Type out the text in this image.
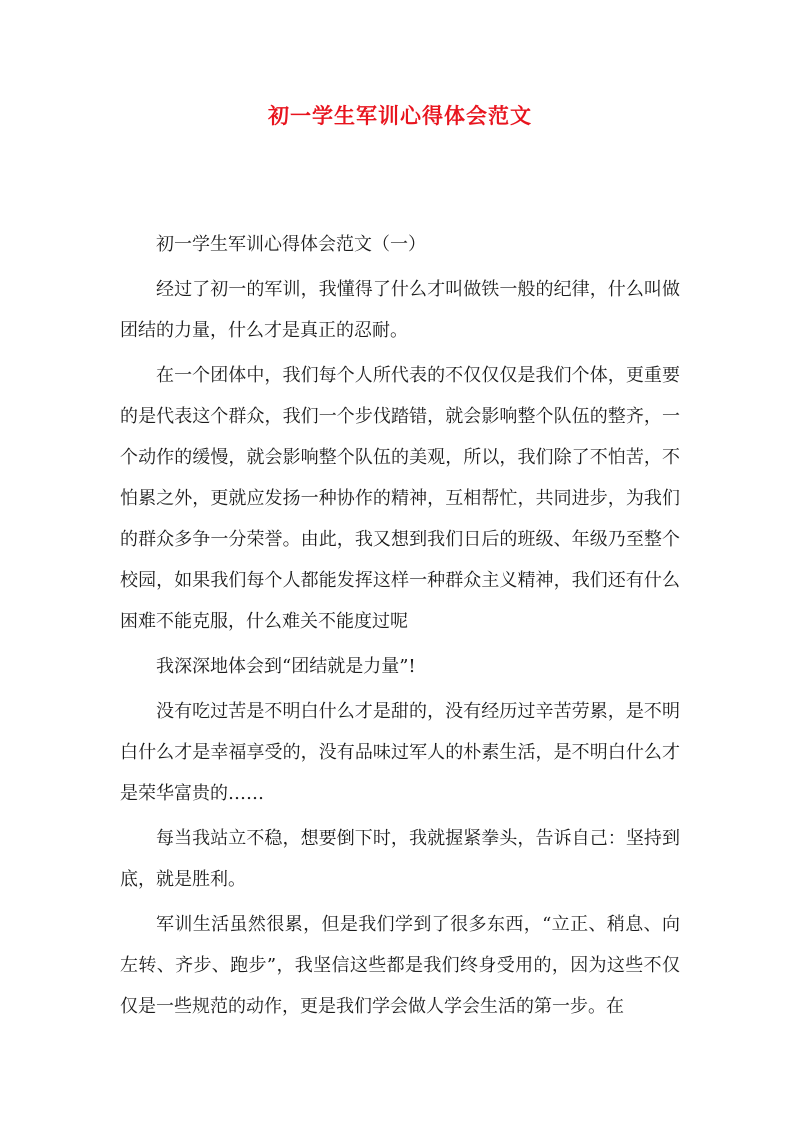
初一学生军训心得体会范文

初一学生军训心得体会范文（一）

经过了初一的军训，我懂得了什么才叫做铁一般的纪律，什么叫做团结的力量，什么才是真正的忍耐。

在一个团体中，我们每个人所代表的不仅仅仅是我们个体，更重要的是代表这个群众，我们一个步伐踏错，就会影响整个队伍的整齐，一个动作的缓慢，就会影响整个队伍的美观，所以，我们除了不怕苦，不怕累之外，更就应发扬一种协作的精神，互相帮忙，共同进步，为我们的群众多争一分荣誉。由此，我又想到我们日后的班级、年级乃至整个校园，如果我们每个人都能发挥这样一种群众主义精神，我们还有什么困难不能克服，什么难关不能度过呢

我深深地体会到“团结就是力量”!

没有吃过苦是不明白什么才是甜的，没有经历过辛苦劳累，是不明白什么才是幸福享受的，没有品味过军人的朴素生活，是不明白什么才是荣华富贵的……

每当我站立不稳，想要倒下时，我就握紧拳头，告诉自己：坚持到底，就是胜利。

军训生活虽然很累，但是我们学到了很多东西，“立正、稍息、向左转、齐步、跑步”，我坚信这些都是我们终身受用的，因为这些不仅仅是一些规范的动作，更是我们学会做人学会生活的第一步。在
